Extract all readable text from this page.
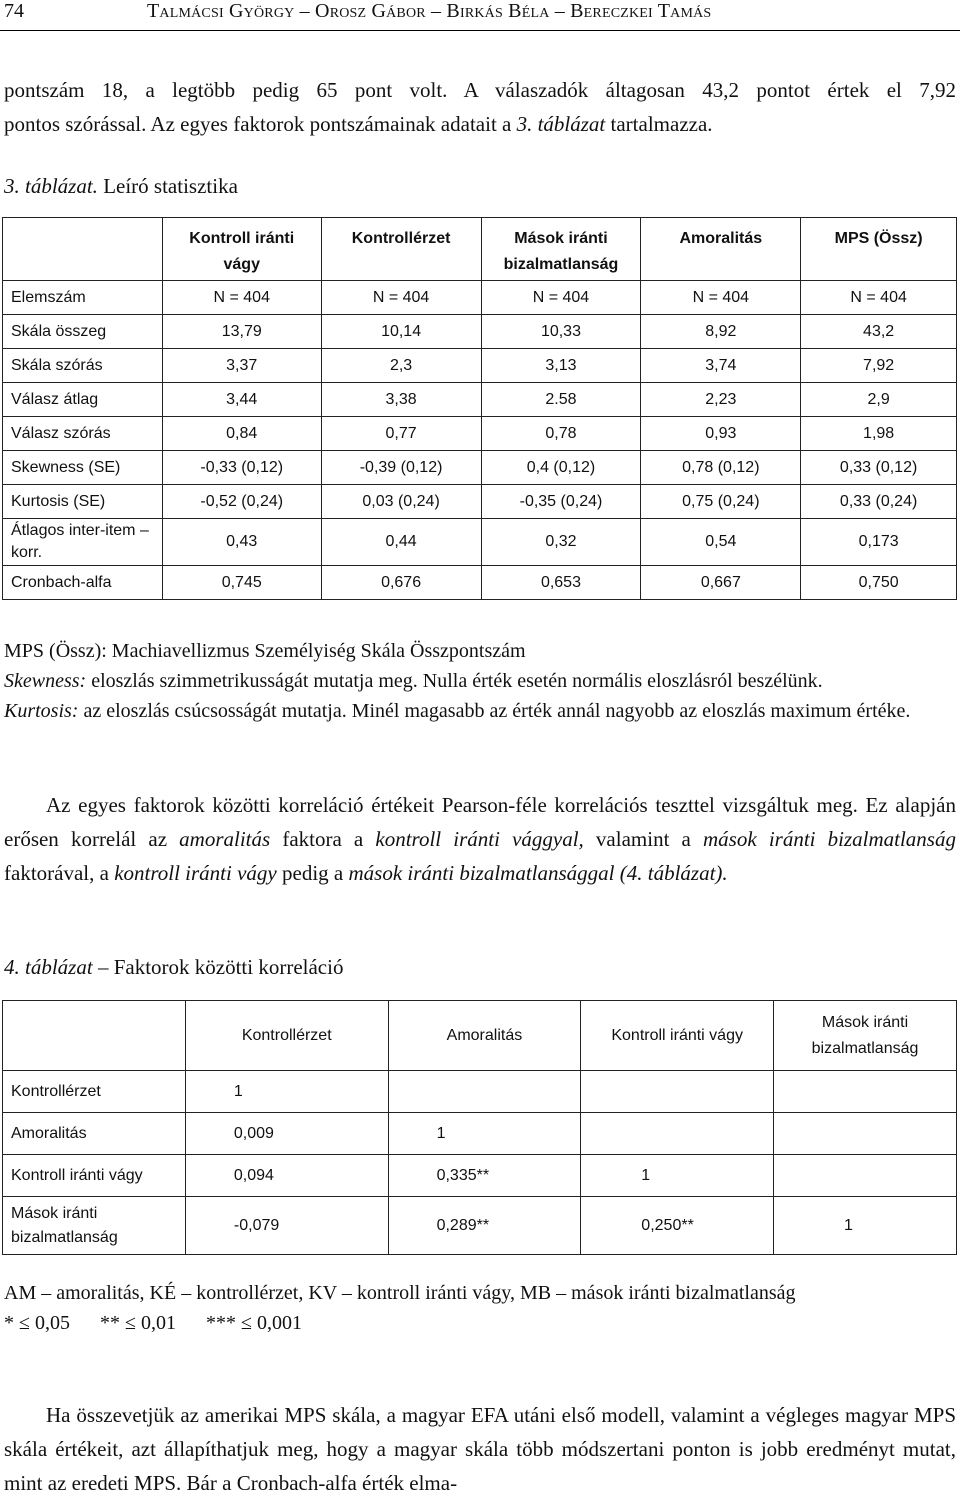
74	Talmácsi György – Orosz Gábor – Birkás Béla – Bereczkei Tamás
pontszám 18, a legtöbb pedig 65 pont volt. A válaszadók áltagosan 43,2 pontot értek el 7,92
pontos szórással. Az egyes faktorok pontszámainak adatait a 3. táblázat tartalmazza.
3. táblázat. Leíró statisztika
	Kontroll iránti vágy	Kontrollérzet	Mások iránti bizalmatlanság	Amoralitás	MPS (Össz)
Elemszám	N = 404	N = 404	N = 404	N = 404	N = 404
Skála összeg	13,79	10,14	10,33	8,92	43,2
Skála szórás	3,37	2,3	3,13	3,74	7,92
Válasz átlag	3,44	3,38	2.58	2,23	2,9
Válasz szórás	0,84	0,77	0,78	0,93	1,98
Skewness (SE)	-0,33 (0,12)	-0,39 (0,12)	0,4 (0,12)	0,78 (0,12)	0,33 (0,12)
Kurtosis (SE)	-0,52 (0,24)	0,03 (0,24)	-0,35 (0,24)	0,75 (0,24)	0,33 (0,24)
Átlagos inter-item –korr.	0,43	0,44	0,32	0,54	0,173
Cronbach-alfa	0,745	0,676	0,653	0,667	0,750
MPS (Össz): Machiavellizmus Személyiség Skála Összpontszám
Skewness: eloszlás szimmetrikusságát mutatja meg. Nulla érték esetén normális eloszlásról beszélünk.
Kurtosis: az eloszlás csúcsosságát mutatja. Minél magasabb az érték annál nagyobb az eloszlás maximum értéke.
Az egyes faktorok közötti korreláció értékeit Pearson-féle korrelációs teszttel vizsgáltuk meg. Ez alapján erősen korrelál az amoralitás faktora a kontroll iránti vággyal, valamint a mások iránti bizalmatlanság faktorával, a kontroll iránti vágy pedig a mások iránti bizalmatlansággal (4. táblázat).
4. táblázat – Faktorok közötti korreláció
	Kontrollérzet	Amoralitás	Kontroll iránti vágy	Mások iránti bizalmatlanság
Kontrollérzet	1			
Amoralitás	0,009	1		
Kontroll iránti vágy	0,094	0,335**	1	
Mások iránti bizalmatlanság	-0,079	0,289**	0,250**	1
AM – amoralitás, KÉ – kontrollérzet, KV – kontroll iránti vágy, MB – mások iránti bizalmatlanság
* ≤ 0,05 ** ≤ 0,01 *** ≤ 0,001
Ha összevetjük az amerikai MPS skála, a magyar EFA utáni első modell, valamint a végleges magyar MPS skála értékeit, azt állapíthatjuk meg, hogy a magyar skála több módszertani ponton is jobb eredményt mutat, mint az eredeti MPS. Bár a Cronbach-alfa érték elma-
